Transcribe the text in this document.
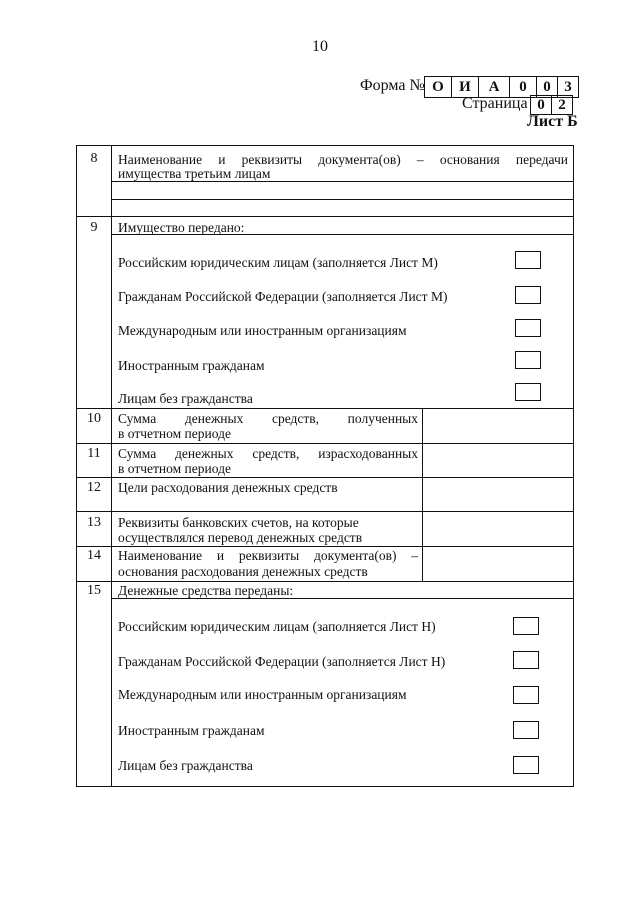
10
Форма № О	И	А	0	0 3
Страница 0 2
Лист Б
8	Наименование и реквизиты документа(ов) – основания передачи
имущества третьим лицам
9	Имущество передано:
Российским юридическим лицам (заполняется Лист М)
Гражданам Российской Федерации (заполняется Лист М)
Международным или иностранным организациям
Иностранным гражданам
Лицам без гражданства
10	Сумма денежных средств, полученных
в отчетном периоде
11	Сумма денежных средств, израсходованных
в отчетном периоде
12	Цели расходования денежных средств
13	Реквизиты банковских счетов, на которые
осуществлялся перевод денежных средств
14	Наименование и реквизиты документа(ов) –
основания расходования денежных средств
15	Денежные средства переданы:
Российским юридическим лицам (заполняется Лист Н)
Гражданам Российской Федерации (заполняется Лист Н)
Международным или иностранным организациям
Иностранным гражданам
Лицам без гражданства
